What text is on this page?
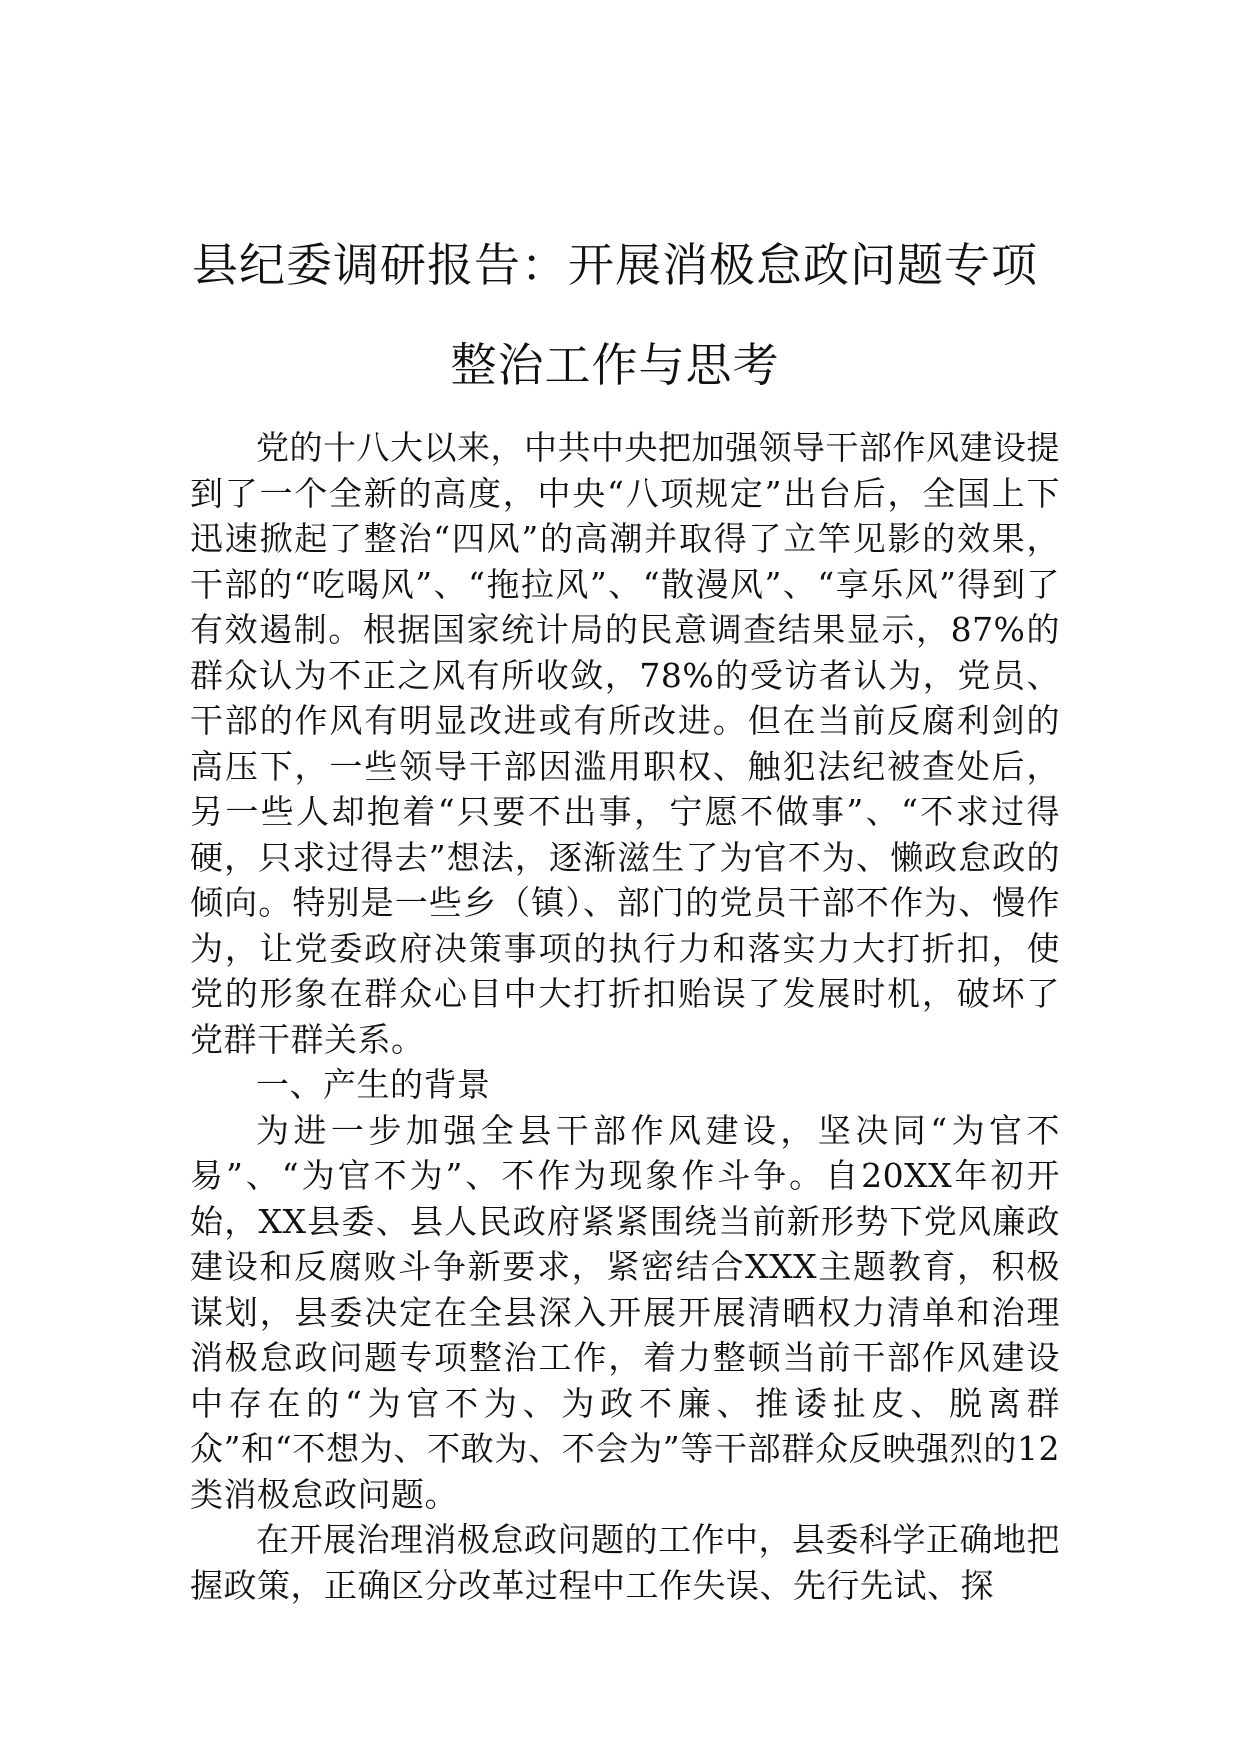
县纪委调研报告：开展消极怠政问题专项
整治工作与思考

党的十八大以来，中共中央把加强领导干部作风建设提到了一个全新的高度，中央“八项规定”出台后，全国上下迅速掀起了整治“四风”的高潮并取得了立竿见影的效果，干部的“吃喝风”、“拖拉风”、“散漫风”、“享乐风”得到了有效遏制。根据国家统计局的民意调查结果显示，87%的群众认为不正之风有所收敛，78%的受访者认为，党员、干部的作风有明显改进或有所改进。但在当前反腐利剑的高压下，一些领导干部因滥用职权、触犯法纪被查处后，另一些人却抱着“只要不出事，宁愿不做事”、“不求过得硬，只求过得去”想法，逐渐滋生了为官不为、懒政怠政的倾向。特别是一些乡（镇）、部门的党员干部不作为、慢作为，让党委政府决策事项的执行力和落实力大打折扣，使党的形象在群众心目中大打折扣贻误了发展时机，破坏了党群干群关系。

一、产生的背景

为进一步加强全县干部作风建设，坚决同“为官不易”、“为官不为”、不作为现象作斗争。自20XX年初开始，XX县委、县人民政府紧紧围绕当前新形势下党风廉政建设和反腐败斗争新要求，紧密结合XXX主题教育，积极谋划，县委决定在全县深入开展开展清晒权力清单和治理消极怠政问题专项整治工作，着力整顿当前干部作风建设中存在的“为官不为、为政不廉、推诿扯皮、脱离群众”和“不想为、不敢为、不会为”等干部群众反映强烈的12类消极怠政问题。

在开展治理消极怠政问题的工作中，县委科学正确地把握政策，正确区分改革过程中工作失误、先行先试、探
